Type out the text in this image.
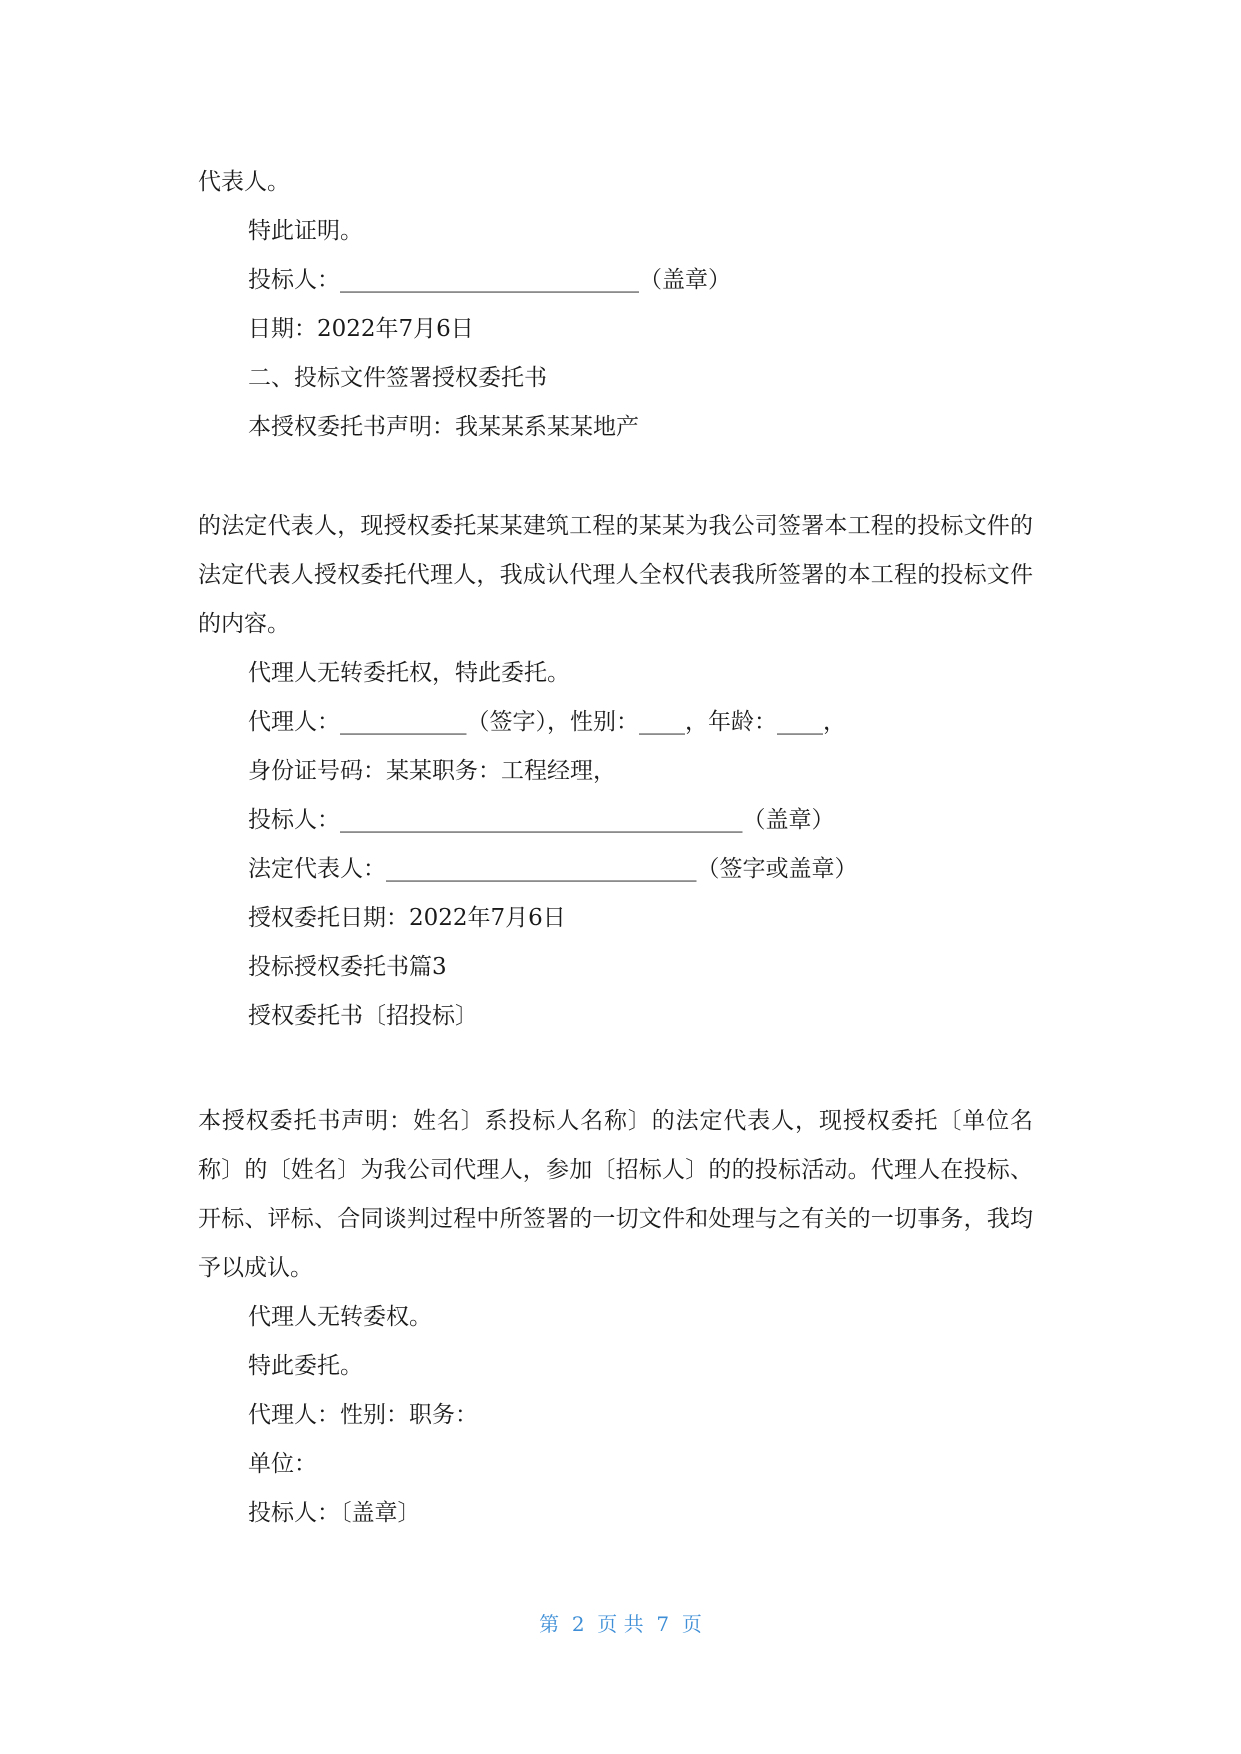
代表人。

特此证明。

投标人：__________________________（盖章）

日期：2022年7月6日

二、投标文件签署授权委托书

本授权委托书声明：我某某系某某地产

的法定代表人，现授权委托某某建筑工程的某某为我公司签署本工程的投标文件的法定代表人授权委托代理人，我成认代理人全权代表我所签署的本工程的投标文件的内容。

代理人无转委托权，特此委托。

代理人：___________（签字），性别：____，年龄：____，

身份证号码：某某职务：工程经理，

投标人：___________________________________（盖章）

法定代表人：___________________________（签字或盖章）

授权委托日期：2022年7月6日

投标授权委托书篇3

授权委托书〔招投标〕

本授权委托书声明：姓名〕系投标人名称〕的法定代表人，现授权委托〔单位名称〕的〔姓名〕为我公司代理人，参加〔招标人〕的的投标活动。代理人在投标、开标、评标、合同谈判过程中所签署的一切文件和处理与之有关的一切事务，我均予以成认。

代理人无转委权。

特此委托。

代理人：性别：职务：

单位：

投标人：〔盖章〕

第  2  页 共  7  页
